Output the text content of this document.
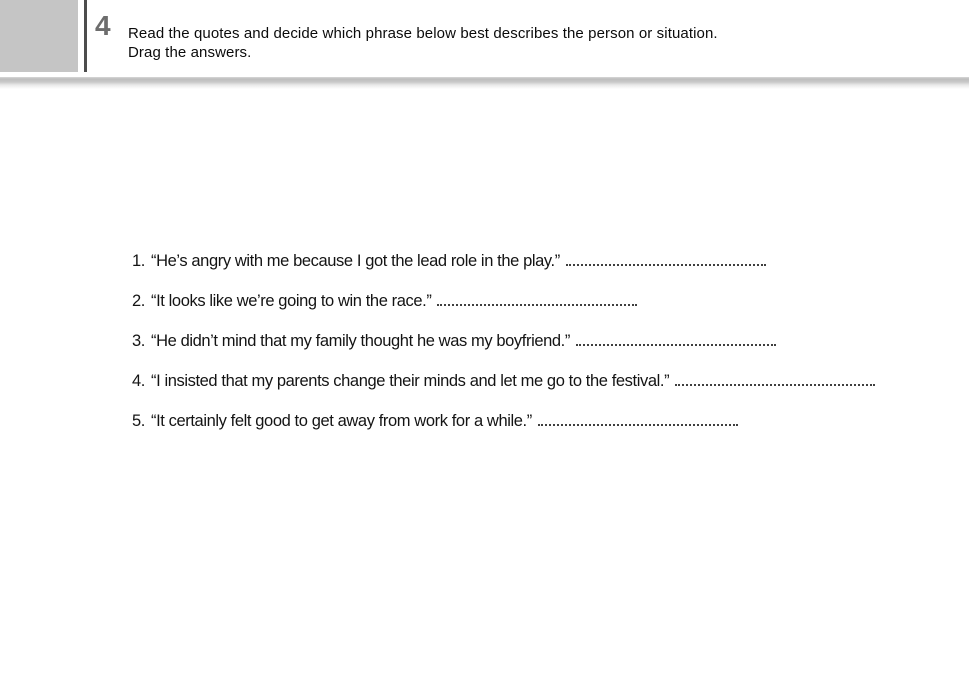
4 Read the quotes and decide which phrase below best describes the person or situation.
Drag the answers.
1. “He’s angry with me because I got the lead role in the play.”
2. “It looks like we’re going to win the race.”
3. “He didn’t mind that my family thought he was my boyfriend.”
4. “I insisted that my parents change their minds and let me go to the festival.”
5. “It certainly felt good to get away from work for a while.”
